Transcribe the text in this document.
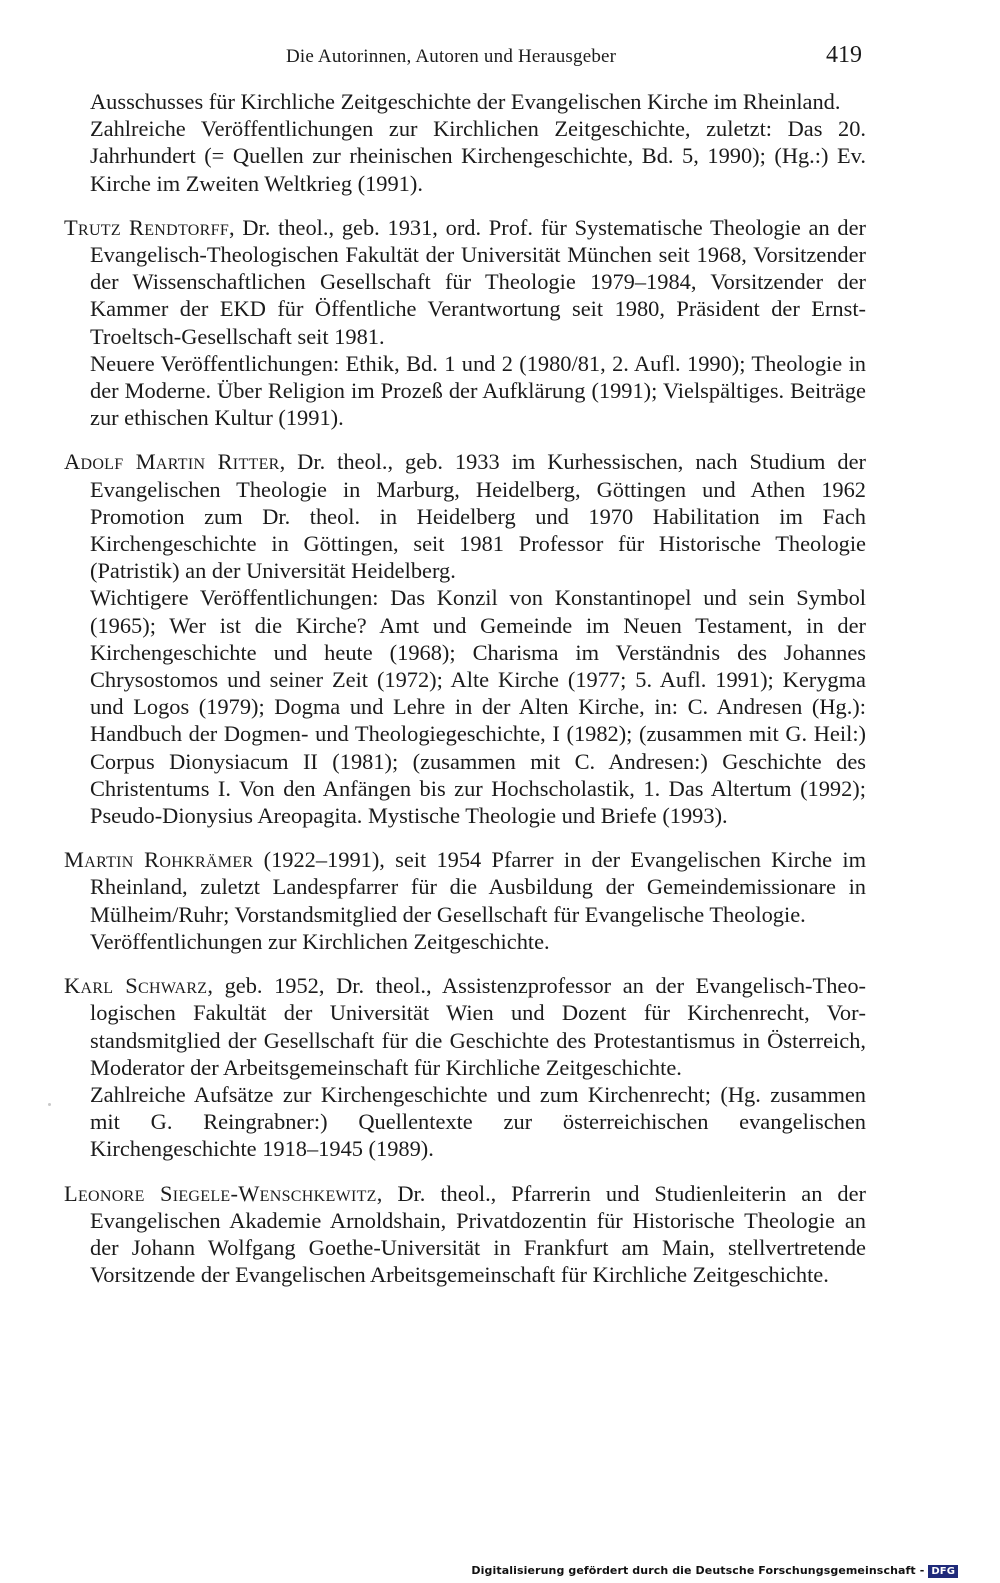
Die Autorinnen, Autoren und Herausgeber	419

Ausschusses für Kirchliche Zeitgeschichte der Evangelischen Kirche im Rheinland.

Zahlreiche Veröffentlichungen zur Kirchlichen Zeitgeschichte, zuletzt: Das 20. Jahrhundert (= Quellen zur rheinischen Kirchengeschichte, Bd. 5, 1990); (Hg.:) Ev. Kirche im Zweiten Weltkrieg (1991).

Trutz Rendtorff, Dr. theol., geb. 1931, ord. Prof. für Systematische Theologie an der Evangelisch-Theologischen Fakultät der Universität München seit 1968, Vorsitzender der Wissenschaftlichen Gesellschaft für Theologie 1979–1984, Vorsitzender der Kammer der EKD für Öffentliche Verantwortung seit 1980, Präsident der Ernst-Troeltsch-Gesellschaft seit 1981.

Neuere Veröffentlichungen: Ethik, Bd. 1 und 2 (1980/81, 2. Aufl. 1990); Theologie in der Moderne. Über Religion im Prozeß der Aufklärung (1991); Vielspältiges. Beiträge zur ethischen Kultur (1991).

Adolf Martin Ritter, Dr. theol., geb. 1933 im Kurhessischen, nach Studium der Evangelischen Theologie in Marburg, Heidelberg, Göttingen und Athen 1962 Promotion zum Dr. theol. in Heidelberg und 1970 Habilitation im Fach Kirchengeschichte in Göttingen, seit 1981 Professor für Historische Theologie (Patristik) an der Universität Heidelberg.

Wichtigere Veröffentlichungen: Das Konzil von Konstantinopel und sein Symbol (1965); Wer ist die Kirche? Amt und Gemeinde im Neuen Testament, in der Kirchengeschichte und heute (1968); Charisma im Verständnis des Johannes Chrysostomos und seiner Zeit (1972); Alte Kirche (1977; 5. Aufl. 1991); Kerygma und Logos (1979); Dogma und Lehre in der Alten Kirche, in: C. Andresen (Hg.): Handbuch der Dogmen- und Theologiegeschichte, I (1982); (zusammen mit G. Heil:) Corpus Dionysiacum II (1981); (zusammen mit C. Andresen:) Geschichte des Christentums I. Von den Anfängen bis zur Hochscholastik, 1. Das Altertum (1992); Pseudo-Dionysius Areopagita. Mystische Theologie und Briefe (1993).

Martin Rohkrämer (1922–1991), seit 1954 Pfarrer in der Evangelischen Kirche im Rheinland, zuletzt Landespfarrer für die Ausbildung der Gemeindemissionare in Mülheim/Ruhr; Vorstandsmitglied der Gesellschaft für Evangelische Theologie.

Veröffentlichungen zur Kirchlichen Zeitgeschichte.

Karl Schwarz, geb. 1952, Dr. theol., Assistenzprofessor an der Evangelisch-Theologischen Fakultät der Universität Wien und Dozent für Kirchenrecht, Vorstandsmitglied der Gesellschaft für die Geschichte des Protestantismus in Österreich, Moderator der Arbeitsgemeinschaft für Kirchliche Zeitgeschichte.

Zahlreiche Aufsätze zur Kirchengeschichte und zum Kirchenrecht; (Hg. zusammen mit G. Reingrabner:) Quellentexte zur österreichischen evangelischen Kirchengeschichte 1918–1945 (1989).

Leonore Siegele-Wenschkewitz, Dr. theol., Pfarrerin und Studienleiterin an der Evangelischen Akademie Arnoldshain, Privatdozentin für Historische Theologie an der Johann Wolfgang Goethe-Universität in Frankfurt am Main, stellvertretende Vorsitzende der Evangelischen Arbeitsgemeinschaft für Kirchliche Zeitgeschichte.

Digitalisierung gefördert durch die Deutsche Forschungsgemeinschaft - DFG
